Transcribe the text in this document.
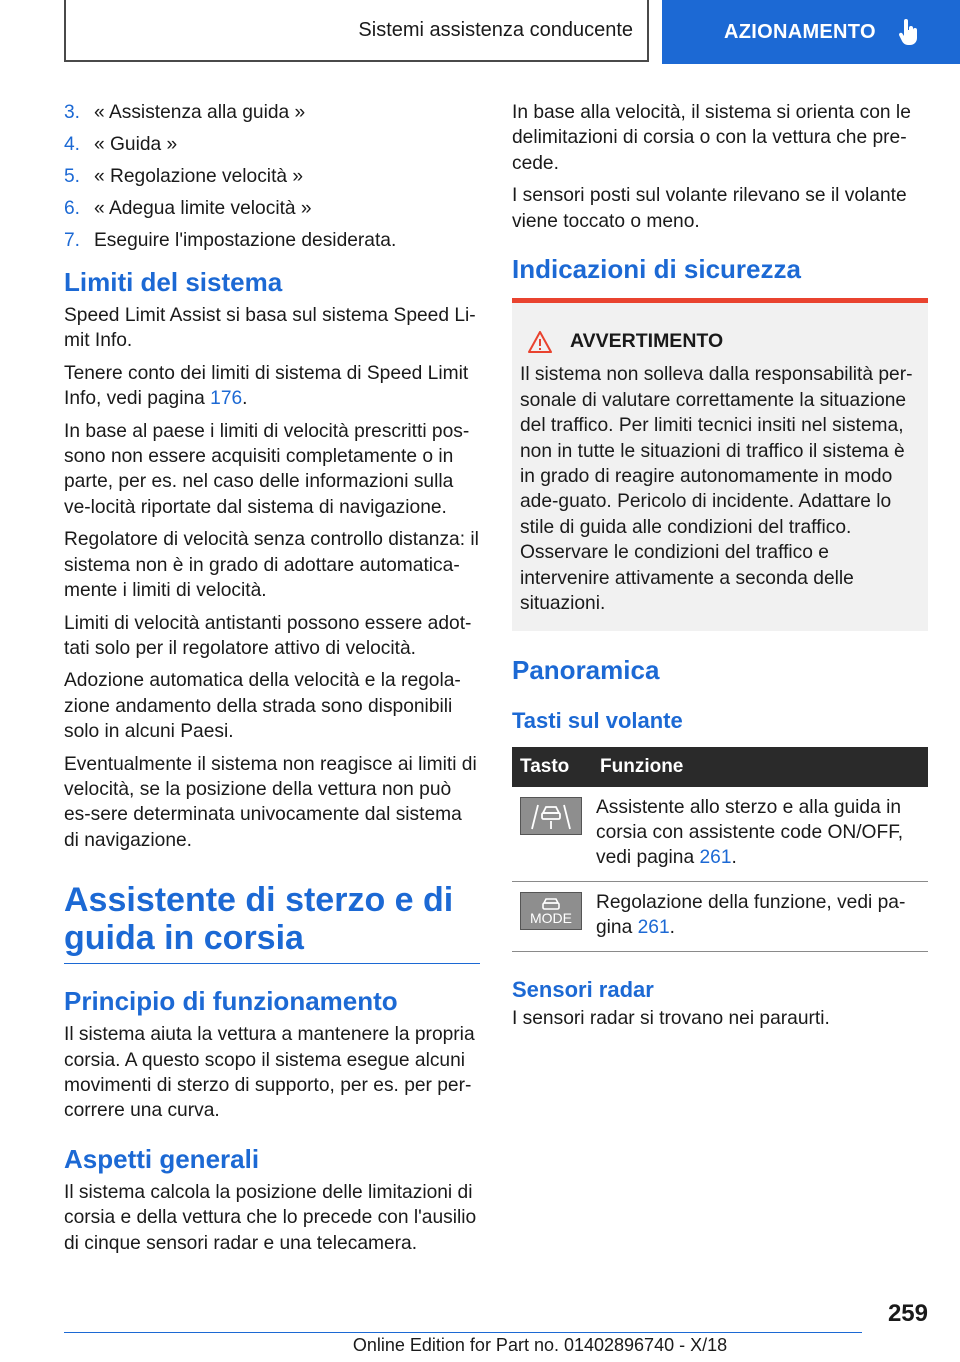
Sistemi assistenza conducente	AZIONAMENTO
3. « Assistenza alla guida »
4. « Guida »
5. « Regolazione velocità »
6. « Adegua limite velocità »
7. Eseguire l'impostazione desiderata.
Limiti del sistema

Speed Limit Assist si basa sul sistema Speed Li‐mit Info.

Tenere conto dei limiti di sistema di Speed Limit Info, vedi pagina 176.

In base al paese i limiti di velocità prescritti pos‐sono non essere acquisiti completamente o in parte, per es. nel caso delle informazioni sulla ve‐locità riportate dal sistema di navigazione.

Regolatore di velocità senza controllo distanza: il sistema non è in grado di adottare automatica‐mente i limiti di velocità.

Limiti di velocità antistanti possono essere adot‐tati solo per il regolatore attivo di velocità.

Adozione automatica della velocità e la regola‐zione andamento della strada sono disponibili solo in alcuni Paesi.

Eventualmente il sistema non reagisce ai limiti di velocità, se la posizione della vettura non può es‐sere determinata univocamente dal sistema di navigazione.

Assistente di sterzo e di guida in corsia
Principio di funzionamento

Il sistema aiuta la vettura a mantenere la propria corsia. A questo scopo il sistema esegue alcuni movimenti di sterzo di supporto, per es. per per‐correre una curva.

Aspetti generali

Il sistema calcola la posizione delle limitazioni di corsia e della vettura che lo precede con l'ausilio di cinque sensori radar e una telecamera.

In base alla velocità, il sistema si orienta con le delimitazioni di corsia o con la vettura che pre‐cede.

I sensori posti sul volante rilevano se il volante viene toccato o meno.

Indicazioni di sicurezza
AVVERTIMENTO

Il sistema non solleva dalla responsabilità per‐sonale di valutare correttamente la situazione del traffico. Per limiti tecnici insiti nel sistema, non in tutte le situazioni di traffico il sistema è in grado di reagire autonomamente in modo ade‐guato. Pericolo di incidente. Adattare lo stile di guida alle condizioni del traffico. Osservare le condizioni del traffico e intervenire attivamente a seconda delle situazioni.

Panoramica
Tasti sul volante
Tasto	Funzione

	Assistente allo sterzo e alla guida in corsia con assistente code ON/OFF, vedi pagina 261.

MODE	Regolazione della funzione, vedi pa‐gina 261.
Sensori radar

I sensori radar si trovano nei paraurti.

259
Online Edition for Part no. 01402896740 - X/18
